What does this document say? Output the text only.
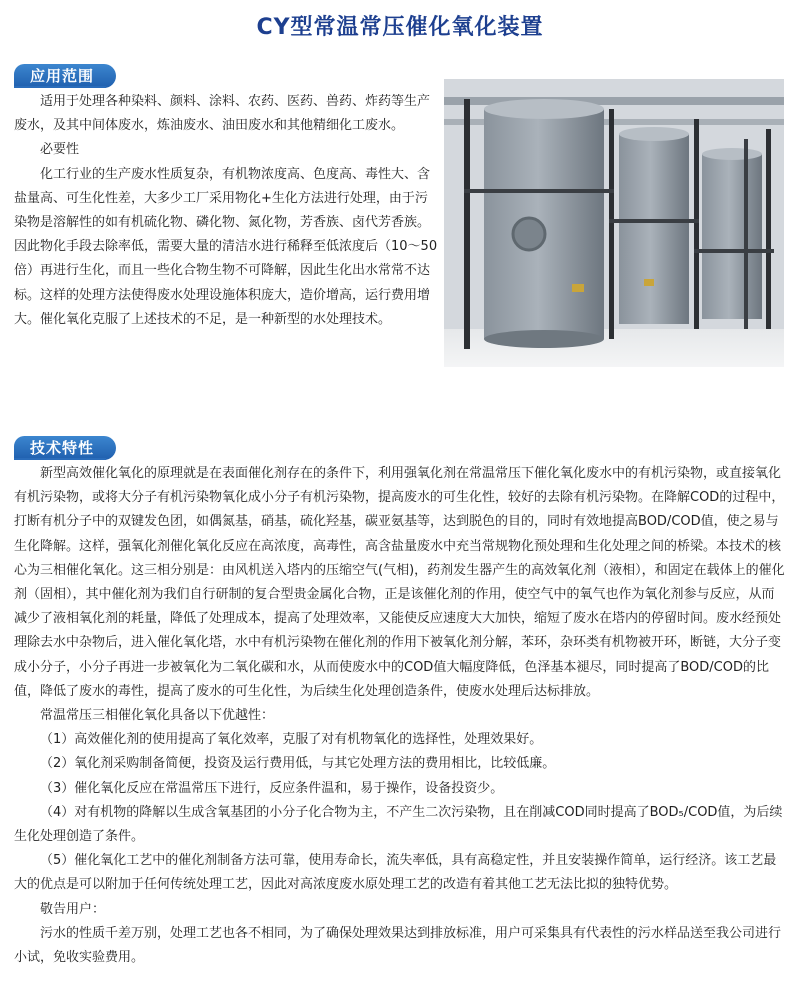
CY型常温常压催化氧化装置
应用范围

适用于处理各种染料、颜料、涂料、农药、医药、兽药、炸药等生产废水，及其中间体废水，炼油废水、油田废水和其他精细化工废水。

必要性

化工行业的生产废水性质复杂，有机物浓度高、色度高、毒性大、含盐量高、可生化性差，大多少工厂采用物化+生化方法进行处理，由于污染物是溶解性的如有机硫化物、磷化物、氮化物，芳香族、卤代芳香族。因此物化手段去除率低，需要大量的清洁水进行稀释至低浓度后（10～50倍）再进行生化，而且一些化合物生物不可降解，因此生化出水常常不达标。这样的处理方法使得废水处理设施体积庞大，造价增高，运行费用增大。催化氧化克服了上述技术的不足，是一种新型的水处理技术。

技术特性

新型高效催化氧化的原理就是在表面催化剂存在的条件下，利用强氧化剂在常温常压下催化氧化废水中的有机污染物，或直接氧化有机污染物，或将大分子有机污染物氧化成小分子有机污染物，提高废水的可生化性，较好的去除有机污染物。在降解COD的过程中，打断有机分子中的双键发色团，如偶氮基，硝基，硫化羟基，碳亚氨基等，达到脱色的目的，同时有效地提高BOD/COD值，使之易与生化降解。这样，强氧化剂催化氧化反应在高浓度，高毒性，高含盐量废水中充当常规物化预处理和生化处理之间的桥梁。本技术的核心为三相催化氧化。这三相分别是：由风机送入塔内的压缩空气(气相)，药剂发生器产生的高效氧化剂（液相），和固定在载体上的催化剂（固相），其中催化剂为我们自行研制的复合型贵金属化合物，正是该催化剂的作用，使空气中的氧气也作为氧化剂参与反应，从而减少了液相氧化剂的耗量，降低了处理成本，提高了处理效率，又能使反应速度大大加快，缩短了废水在塔内的停留时间。废水经预处理除去水中杂物后，进入催化氧化塔，水中有机污染物在催化剂的作用下被氧化剂分解，苯环，杂环类有机物被开环，断链，大分子变成小分子，小分子再进一步被氧化为二氧化碳和水，从而使废水中的COD值大幅度降低，色泽基本褪尽，同时提高了BOD/COD的比值，降低了废水的毒性，提高了废水的可生化性，为后续生化处理创造条件，使废水处理后达标排放。

常温常压三相催化氧化具备以下优越性：

（1）高效催化剂的使用提高了氧化效率，克服了对有机物氧化的选择性，处理效果好。

（2）氧化剂采购制备简便，投资及运行费用低，与其它处理方法的费用相比，比较低廉。

（3）催化氧化反应在常温常压下进行，反应条件温和，易于操作，设备投资少。

（4）对有机物的降解以生成含氧基团的小分子化合物为主，不产生二次污染物，且在削减COD同时提高了BOD₅/COD值，为后续生化处理创造了条件。

（5）催化氧化工艺中的催化剂制备方法可靠，使用寿命长，流失率低，具有高稳定性，并且安装操作简单，运行经济。该工艺最大的优点是可以附加于任何传统处理工艺，因此对高浓度废水原处理工艺的改造有着其他工艺无法比拟的独特优势。

敬告用户：

污水的性质千差万别，处理工艺也各不相同，为了确保处理效果达到排放标准，用户可采集具有代表性的污水样品送至我公司进行小试，免收实验费用。
